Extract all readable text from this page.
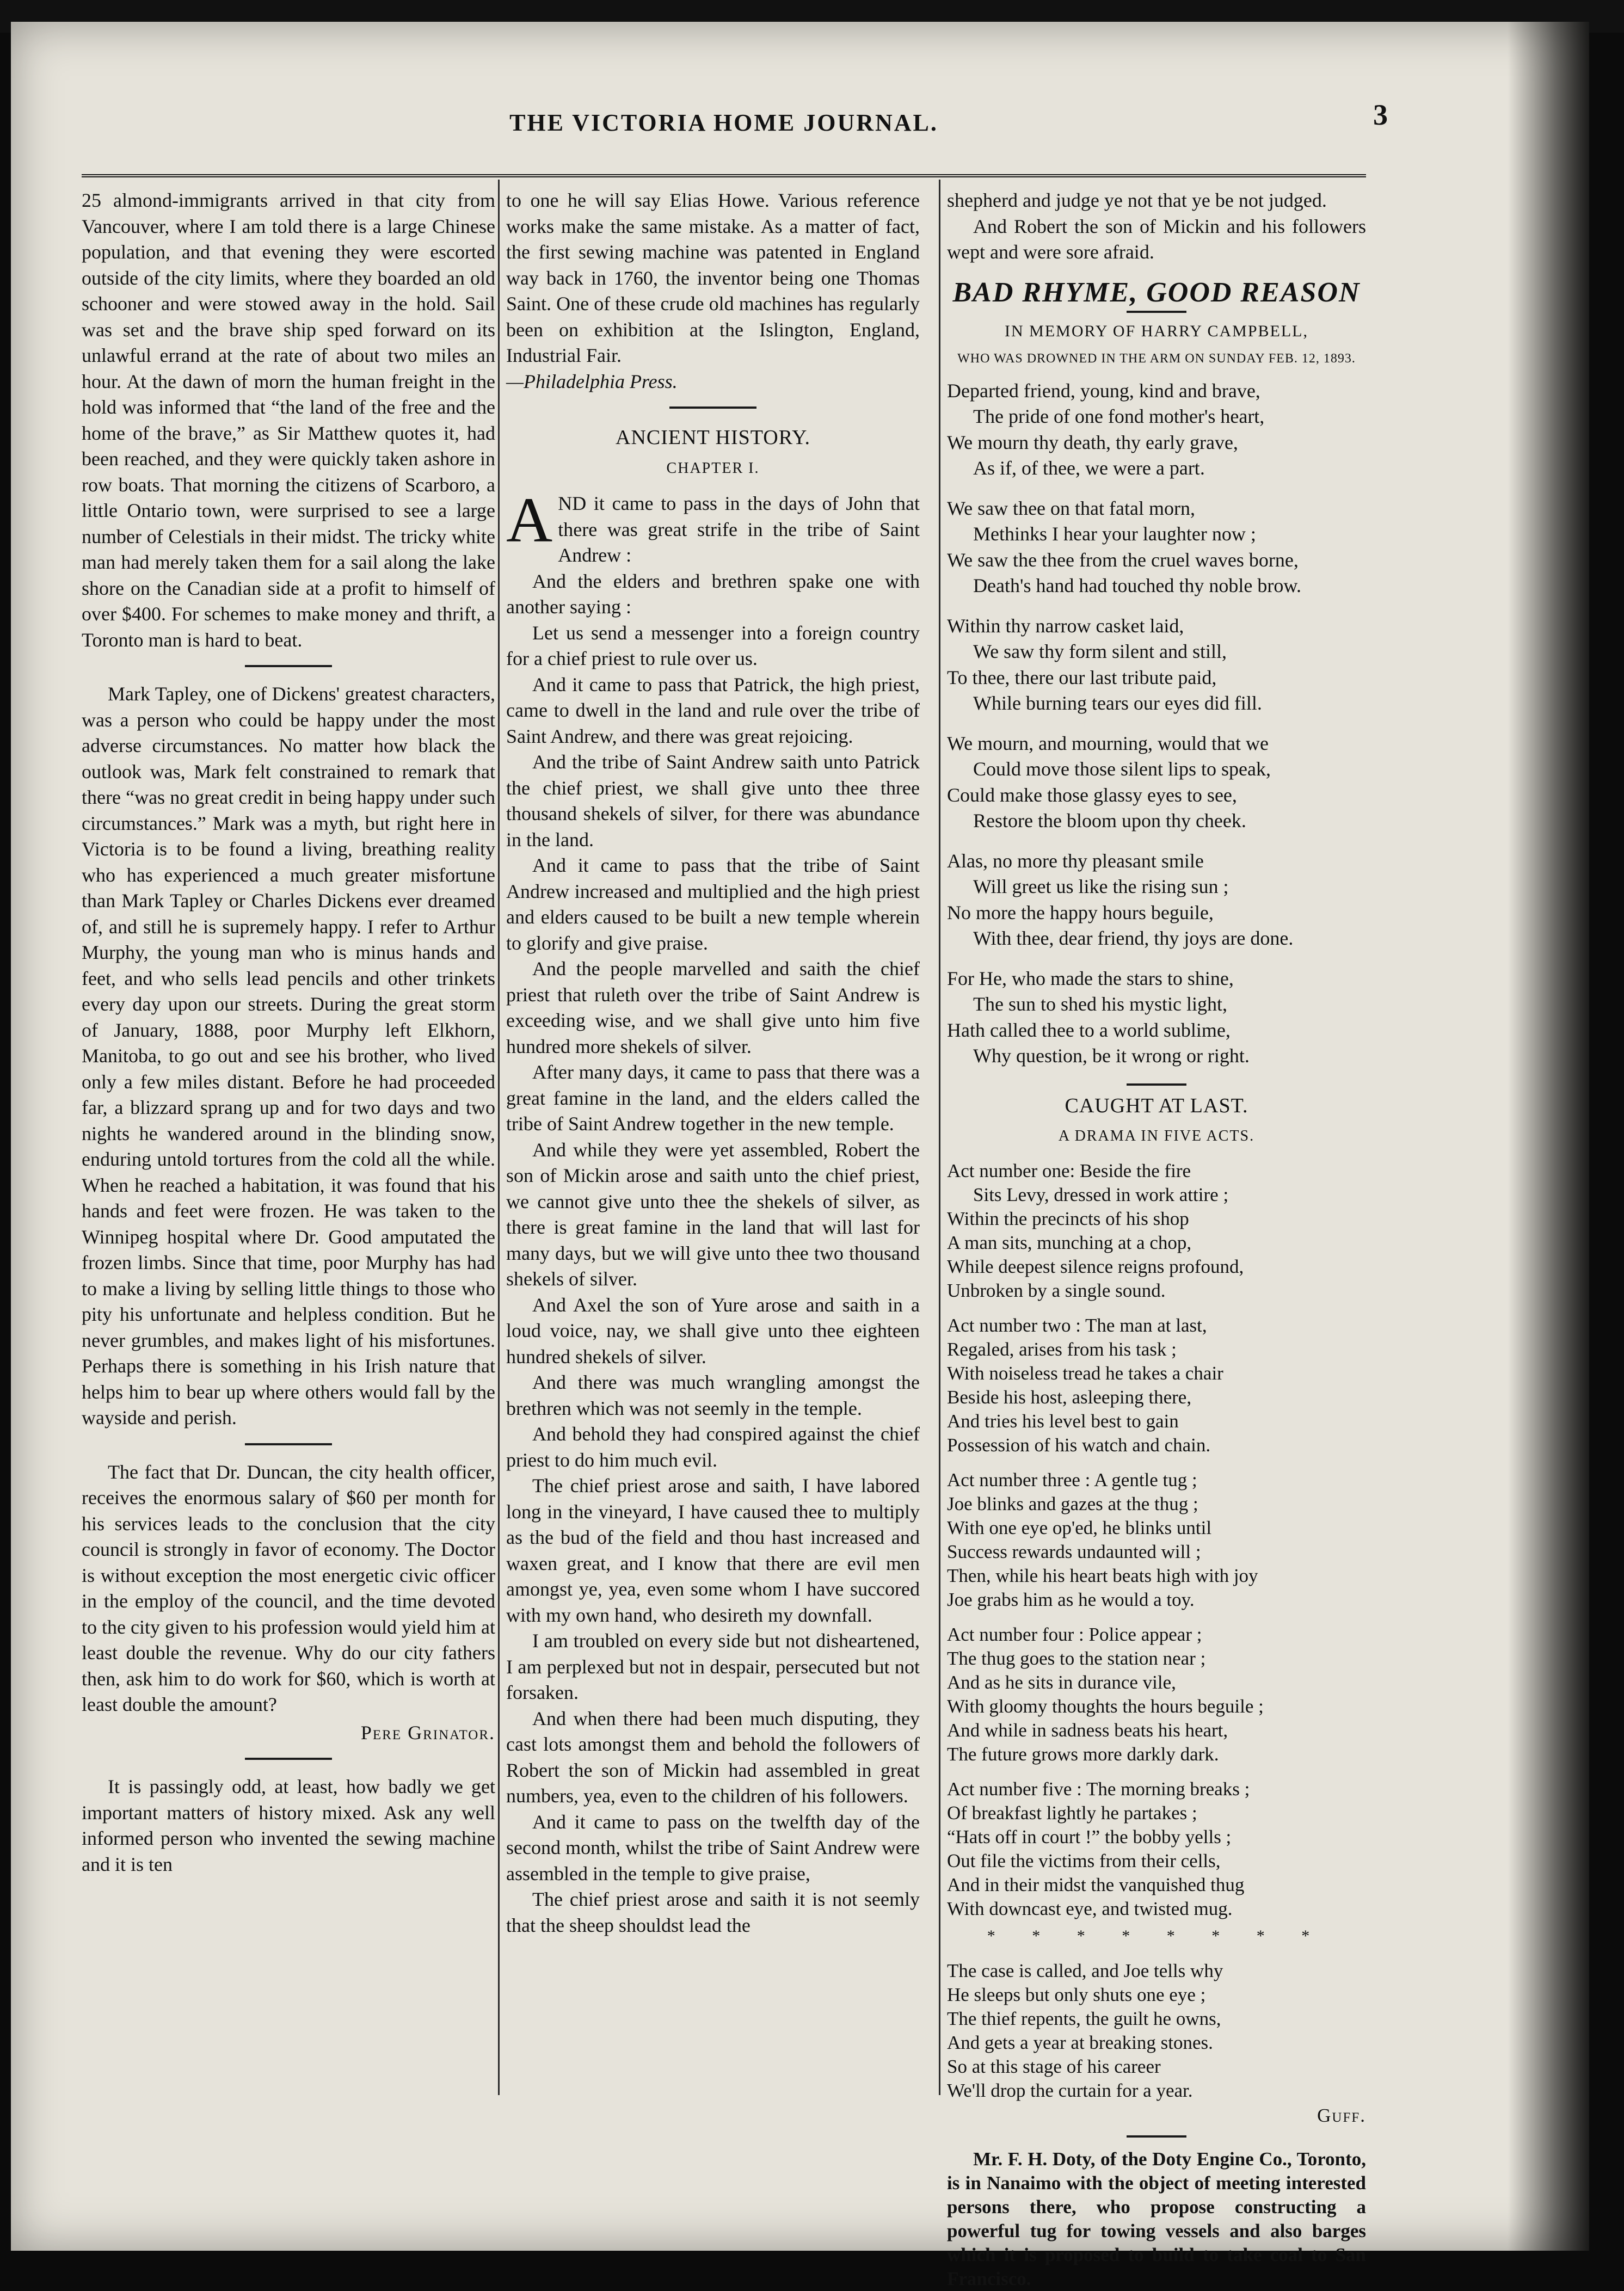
THE VICTORIA HOME JOURNAL.	3

25 almond-immigrants arrived in that city from Vancouver, where I am told there is a large Chinese population, and that evening they were escorted outside of the city limits, where they boarded an old schooner and were stowed away in the hold. Sail was set and the brave ship sped forward on its unlawful errand at the rate of about two miles an hour. At the dawn of morn the human freight in the hold was informed that “the land of the free and the home of the brave,” as Sir Matthew quotes it, had been reached, and they were quickly taken ashore in row boats. That morning the citizens of Scarboro, a little Ontario town, were surprised to see a large number of Celestials in their midst. The tricky white man had merely taken them for a sail along the lake shore on the Canadian side at a profit to himself of over $400. For schemes to make money and thrift, a Toronto man is hard to beat.

Mark Tapley, one of Dickens' greatest characters, was a person who could be happy under the most adverse circumstances. No matter how black the outlook was, Mark felt constrained to remark that there “was no great credit in being happy under such circumstances.” Mark was a myth, but right here in Victoria is to be found a living, breathing reality who has experienced a much greater misfortune than Mark Tapley or Charles Dickens ever dreamed of, and still he is supremely happy. I refer to Arthur Murphy, the young man who is minus hands and feet, and who sells lead pencils and other trinkets every day upon our streets. During the great storm of January, 1888, poor Murphy left Elkhorn, Manitoba, to go out and see his brother, who lived only a few miles distant. Before he had proceeded far, a blizzard sprang up and for two days and two nights he wandered around in the blinding snow, enduring untold tortures from the cold all the while. When he reached a habitation, it was found that his hands and feet were frozen. He was taken to the Winnipeg hospital where Dr. Good amputated the frozen limbs. Since that time, poor Murphy has had to make a living by selling little things to those who pity his unfortunate and helpless condition. But he never grumbles, and makes light of his misfortunes. Perhaps there is something in his Irish nature that helps him to bear up where others would fall by the wayside and perish.

The fact that Dr. Duncan, the city health officer, receives the enormous salary of $60 per month for his services leads to the conclusion that the city council is strongly in favor of economy. The Doctor is without exception the most energetic civic officer in the employ of the council, and the time devoted to the city given to his profession would yield him at least double the revenue. Why do our city fathers then, ask him to do work for $60, which is worth at least double the amount?

Pere Grinator.

It is passingly odd, at least, how badly we get important matters of history mixed. Ask any well informed person who invented the sewing machine and it is ten

to one he will say Elias Howe. Various reference works make the same mistake. As a matter of fact, the first sewing machine was patented in England way back in 1760, the inventor being one Thomas Saint. One of these crude old machines has regularly been on exhibition at the Islington, England, Industrial Fair.

—Philadelphia Press.
ANCIENT HISTORY.
CHAPTER I.

AND it came to pass in the days of John that there was great strife in the tribe of Saint Andrew :

And the elders and brethren spake one with another saying :

Let us send a messenger into a foreign country for a chief priest to rule over us.

And it came to pass that Patrick, the high priest, came to dwell in the land and rule over the tribe of Saint Andrew, and there was great rejoicing.

And the tribe of Saint Andrew saith unto Patrick the chief priest, we shall give unto thee three thousand shekels of silver, for there was abundance in the land.

And it came to pass that the tribe of Saint Andrew increased and multiplied and the high priest and elders caused to be built a new temple wherein to glorify and give praise.

And the people marvelled and saith the chief priest that ruleth over the tribe of Saint Andrew is exceeding wise, and we shall give unto him five hundred more shekels of silver.

After many days, it came to pass that there was a great famine in the land, and the elders called the tribe of Saint Andrew together in the new temple.

And while they were yet assembled, Robert the son of Mickin arose and saith unto the chief priest, we cannot give unto thee the shekels of silver, as there is great famine in the land that will last for many days, but we will give unto thee two thousand shekels of silver.

And Axel the son of Yure arose and saith in a loud voice, nay, we shall give unto thee eighteen hundred shekels of silver.

And there was much wrangling amongst the brethren which was not seemly in the temple.

And behold they had conspired against the chief priest to do him much evil.

The chief priest arose and saith, I have labored long in the vineyard, I have caused thee to multiply as the bud of the field and thou hast increased and waxen great, and I know that there are evil men amongst ye, yea, even some whom I have succored with my own hand, who desireth my downfall.

I am troubled on every side but not disheartened, I am perplexed but not in despair, persecuted but not forsaken.

And when there had been much disputing, they cast lots amongst them and behold the followers of Robert the son of Mickin had assembled in great numbers, yea, even to the children of his followers.

And it came to pass on the twelfth day of the second month, whilst the tribe of Saint Andrew were assembled in the temple to give praise,

The chief priest arose and saith it is not seemly that the sheep shouldst lead the

shepherd and judge ye not that ye be not judged.

And Robert the son of Mickin and his followers wept and were sore afraid.

BAD RHYME, GOOD REASON
IN MEMORY OF HARRY CAMPBELL,
WHO WAS DROWNED IN THE ARM ON SUNDAY FEB. 12, 1893.
Departed friend, young, kind and brave,
The pride of one fond mother's heart,
We mourn thy death, thy early grave,
As if, of thee, we were a part.
We saw thee on that fatal morn,
Methinks I hear your laughter now ;
We saw the thee from the cruel waves borne,
Death's hand had touched thy noble brow.
Within thy narrow casket laid,
We saw thy form silent and still,
To thee, there our last tribute paid,
While burning tears our eyes did fill.
We mourn, and mourning, would that we
Could move those silent lips to speak,
Could make those glassy eyes to see,
Restore the bloom upon thy cheek.
Alas, no more thy pleasant smile
Will greet us like the rising sun ;
No more the happy hours beguile,
With thee, dear friend, thy joys are done.
For He, who made the stars to shine,
The sun to shed his mystic light,
Hath called thee to a world sublime,
Why question, be it wrong or right.
CAUGHT AT LAST.
A DRAMA IN FIVE ACTS.
Act number one: Beside the fire
Sits Levy, dressed in work attire ;
Within the precincts of his shop
A man sits, munching at a chop,
While deepest silence reigns profound,
Unbroken by a single sound.
Act number two : The man at last,
Regaled, arises from his task ;
With noiseless tread he takes a chair
Beside his host, asleeping there,
And tries his level best to gain
Possession of his watch and chain.
Act number three : A gentle tug ;
Joe blinks and gazes at the thug ;
With one eye op'ed, he blinks until
Success rewards undaunted will ;
Then, while his heart beats high with joy
Joe grabs him as he would a toy.
Act number four : Police appear ;
The thug goes to the station near ;
And as he sits in durance vile,
With gloomy thoughts the hours beguile ;
And while in sadness beats his heart,
The future grows more darkly dark.
Act number five : The morning breaks ;
Of breakfast lightly he partakes ;
“Hats off in court !” the bobby yells ;
Out file the victims from their cells,
And in their midst the vanquished thug
With downcast eye, and twisted mug.
* * * * * * * *
The case is called, and Joe tells why
He sleeps but only shuts one eye ;
The thief repents, the guilt he owns,
And gets a year at breaking stones.
So at this stage of his career
We'll drop the curtain for a year.
Guff.

Mr. F. H. Doty, of the Doty Engine Co., Toronto, is in Nanaimo with the object of meeting interested persons there, who propose constructing a powerful tug for towing vessels and also barges which it is proposed to build to take coal to San Francisco.
